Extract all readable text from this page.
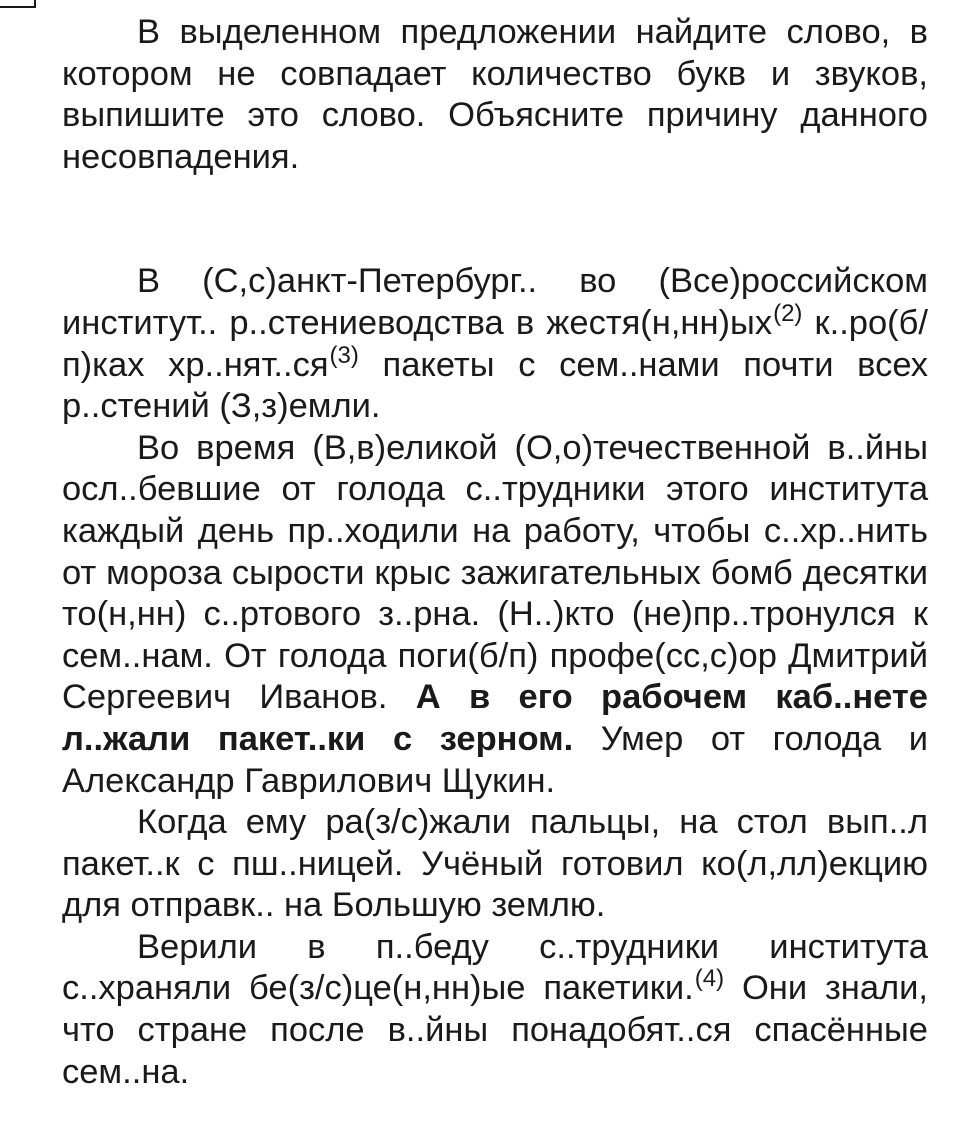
В выделенном предложении найдите слово, в котором не совпадает количество букв и звуков, выпишите это слово. Объясните причину данного несовпадения.

В (С,с)анкт-Петербург.. во (Все)российском институт.. р..стениеводства в $жестя(н,нн)ых^{(2)}$ к..ро(б/п)ках $хр..нят..ся^{(3)}$ пакеты с сем..нами почти всех р..стений (З,з)емли.

Во время (В,в)еликой (О,о)течественной в..йны осл..бевшие от голода с..трудники этого института каждый день пр..ходили на работу, чтобы с..хр..нить от мороза сырости крыс зажигательных бомб десятки то(н,нн) с..ртового з..рна. (Н..)кто (не)пр..тронулся к сем..нам. От голода поги(б/п) профе(сс,с)ор Дмитрий Сергеевич Иванов. А в его рабочем каб..нете л..жали пакет..ки с зерном. Умер от голода и Александр Гаврилович Щукин.

Когда ему ра(з/с)жали пальцы, на стол вып..л пакет..к с пш..ницей. Учёный готовил ко(л,лл)екцию для отправк.. на Большую землю.

Верили в п..беду с..трудники института с..храняли бе(з/с)це(н,нн)ые пакетики.$^{(4)}$ Они знали, что стране после в..йны понадобят..ся спасённые сем..на.
